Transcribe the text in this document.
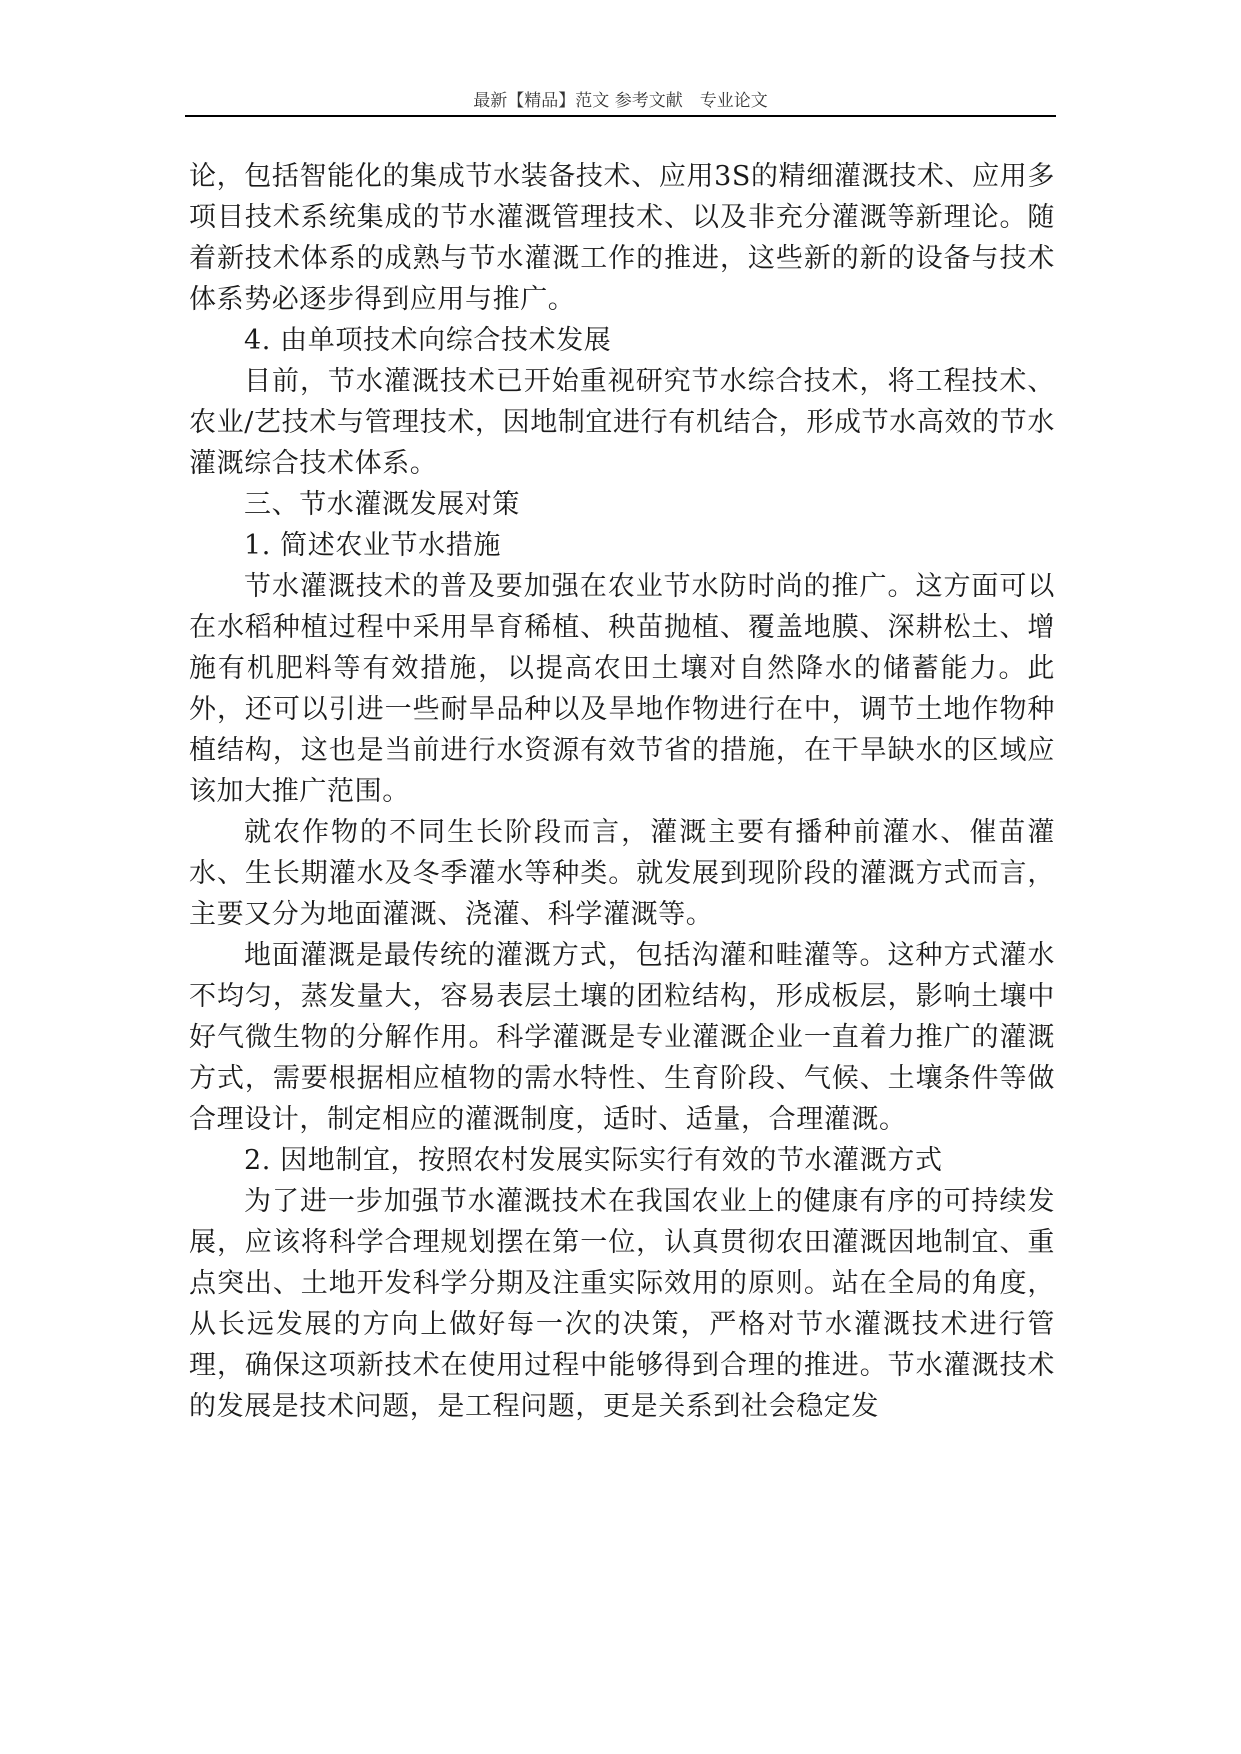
最新【精品】范文 参考文献　专业论文

论，包括智能化的集成节水装备技术、应用3S的精细灌溉技术、应用多项目技术系统集成的节水灌溉管理技术、以及非充分灌溉等新理论。随着新技术体系的成熟与节水灌溉工作的推进，这些新的新的设备与技术体系势必逐步得到应用与推广。

4. 由单项技术向综合技术发展

目前，节水灌溉技术已开始重视研究节水综合技术，将工程技术、农业/艺技术与管理技术，因地制宜进行有机结合，形成节水高效的节水灌溉综合技术体系。

三、节水灌溉发展对策

1. 简述农业节水措施

节水灌溉技术的普及要加强在农业节水防时尚的推广。这方面可以在水稻种植过程中采用旱育稀植、秧苗抛植、覆盖地膜、深耕松土、增施有机肥料等有效措施，以提高农田土壤对自然降水的储蓄能力。此外，还可以引进一些耐旱品种以及旱地作物进行在中，调节土地作物种植结构，这也是当前进行水资源有效节省的措施，在干旱缺水的区域应该加大推广范围。

就农作物的不同生长阶段而言，灌溉主要有播种前灌水、催苗灌水、生长期灌水及冬季灌水等种类。就发展到现阶段的灌溉方式而言，主要又分为地面灌溉、浇灌、科学灌溉等。

地面灌溉是最传统的灌溉方式，包括沟灌和畦灌等。这种方式灌水不均匀，蒸发量大，容易表层土壤的团粒结构，形成板层，影响土壤中好气微生物的分解作用。科学灌溉是专业灌溉企业一直着力推广的灌溉方式，需要根据相应植物的需水特性、生育阶段、气候、土壤条件等做合理设计，制定相应的灌溉制度，适时、适量，合理灌溉。

2. 因地制宜，按照农村发展实际实行有效的节水灌溉方式

为了进一步加强节水灌溉技术在我国农业上的健康有序的可持续发展，应该将科学合理规划摆在第一位，认真贯彻农田灌溉因地制宜、重点突出、土地开发科学分期及注重实际效用的原则。站在全局的角度，从长远发展的方向上做好每一次的决策，严格对节水灌溉技术进行管理，确保这项新技术在使用过程中能够得到合理的推进。节水灌溉技术的发展是技术问题，是工程问题，更是关系到社会稳定发
